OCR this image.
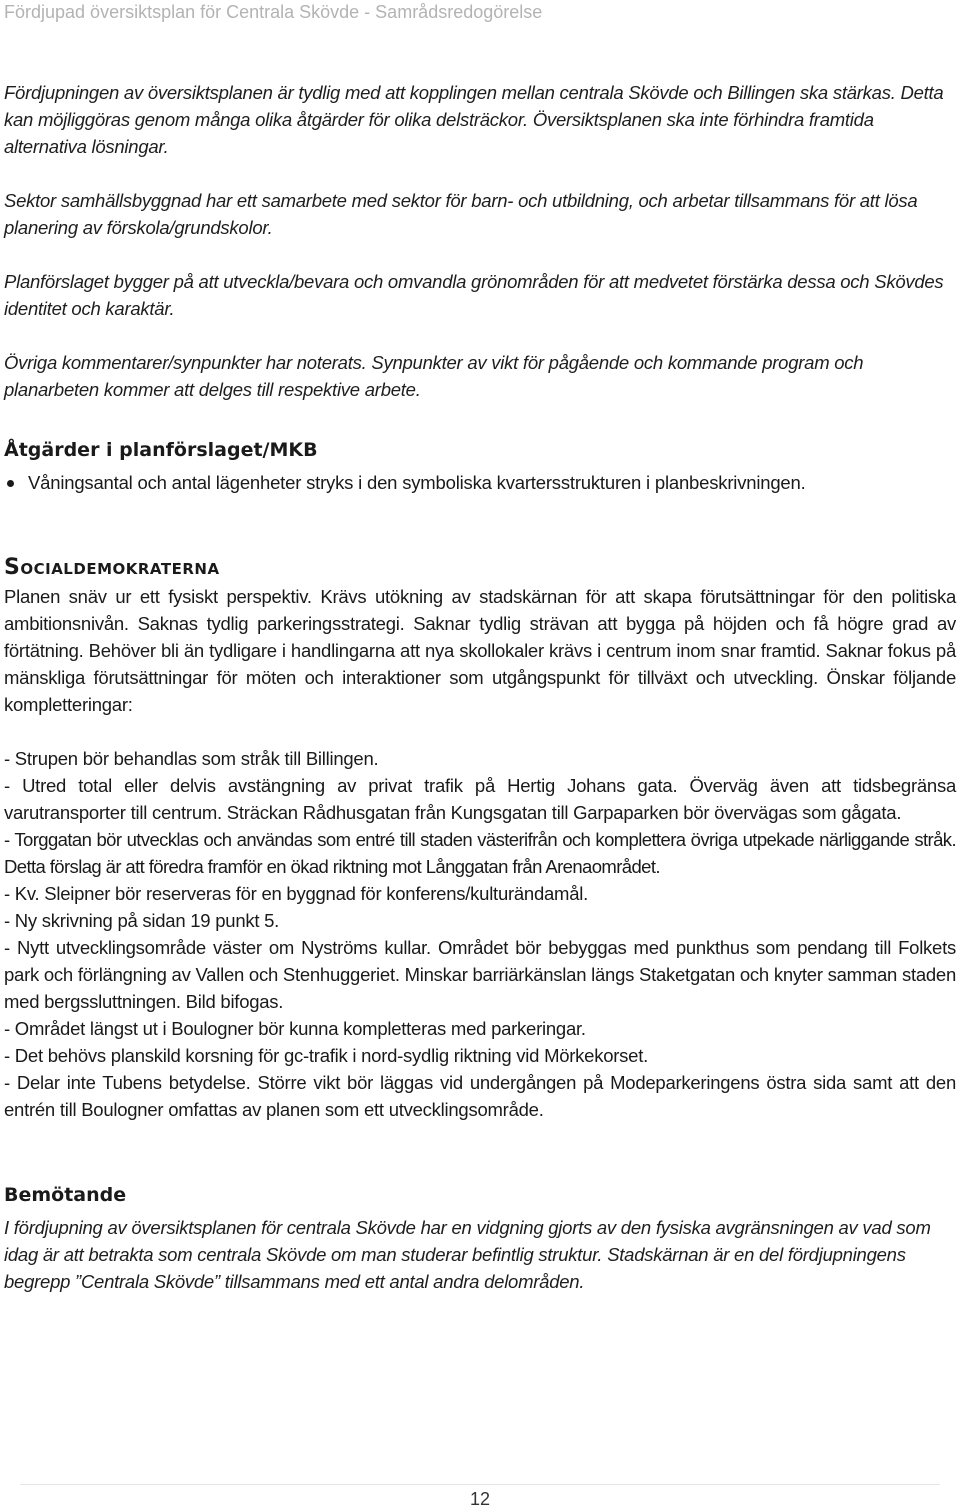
Fördjupad översiktsplan för Centrala Skövde - Samrådsredogörelse

Fördjupningen av översiktsplanen är tydlig med att kopplingen mellan centrala Skövde och Billingen ska stärkas. Detta kan möjliggöras genom många olika åtgärder för olika delsträckor. Översiktsplanen ska inte förhindra framtida alternativa lösningar.

Sektor samhällsbyggnad har ett samarbete med sektor för barn- och utbildning, och arbetar tillsammans för att lösa planering av förskola/grundskolor.

Planförslaget bygger på att utveckla/bevara och omvandla grönområden för att medvetet förstärka dessa och Skövdes identitet och karaktär.

Övriga kommentarer/synpunkter har noterats. Synpunkter av vikt för pågående och kommande program och planarbeten kommer att delges till respektive arbete.

Åtgärder i planförslaget/MKB
Våningsantal och antal lägenheter stryks i den symboliska kvartersstrukturen i planbeskrivningen.
Socialdemokraterna

Planen snäv ur ett fysiskt perspektiv. Krävs utökning av stadskärnan för att skapa förutsättningar för den politiska ambitionsnivån. Saknas tydlig parkeringsstrategi. Saknar tydlig strävan att bygga på höjden och få högre grad av förtätning. Behöver bli än tydligare i handlingarna att nya skollokaler krävs i centrum inom snar framtid. Saknar fokus på mänskliga förutsättningar för möten och interaktioner som utgångspunkt för tillväxt och utveckling. Önskar följande kompletteringar:

- Strupen bör behandlas som stråk till Billingen.

- Utred total eller delvis avstängning av privat trafik på Hertig Johans gata. Överväg även att tidsbegränsa varutransporter till centrum. Sträckan Rådhusgatan från Kungsgatan till Garpaparken bör övervägas som gågata.

- Torggatan bör utvecklas och användas som entré till staden västerifrån och komplettera övriga utpekade närliggande stråk. Detta förslag är att föredra framför en ökad riktning mot Långgatan från Arenaområdet.

- Kv. Sleipner bör reserveras för en byggnad för konferens/kulturändamål.

- Ny skrivning på sidan 19 punkt 5.

- Nytt utvecklingsområde väster om Nyströms kullar. Området bör bebyggas med punkthus som pendang till Folkets park och förlängning av Vallen och Stenhuggeriet. Minskar barriärkänslan längs Staketgatan och knyter samman staden med bergssluttningen. Bild bifogas.

- Området längst ut i Boulogner bör kunna kompletteras med parkeringar.

- Det behövs planskild korsning för gc-trafik i nord-sydlig riktning vid Mörkekorset.

- Delar inte Tubens betydelse. Större vikt bör läggas vid undergången på Modeparkeringens östra sida samt att den entrén till Boulogner omfattas av planen som ett utvecklingsområde.

Bemötande

I fördjupning av översiktsplanen för centrala Skövde har en vidgning gjorts av den fysiska avgränsningen av vad som idag är att betrakta som centrala Skövde om man studerar befintlig struktur. Stadskärnan är en del fördjupningens begrepp ”Centrala Skövde” tillsammans med ett antal andra delområden.

12
